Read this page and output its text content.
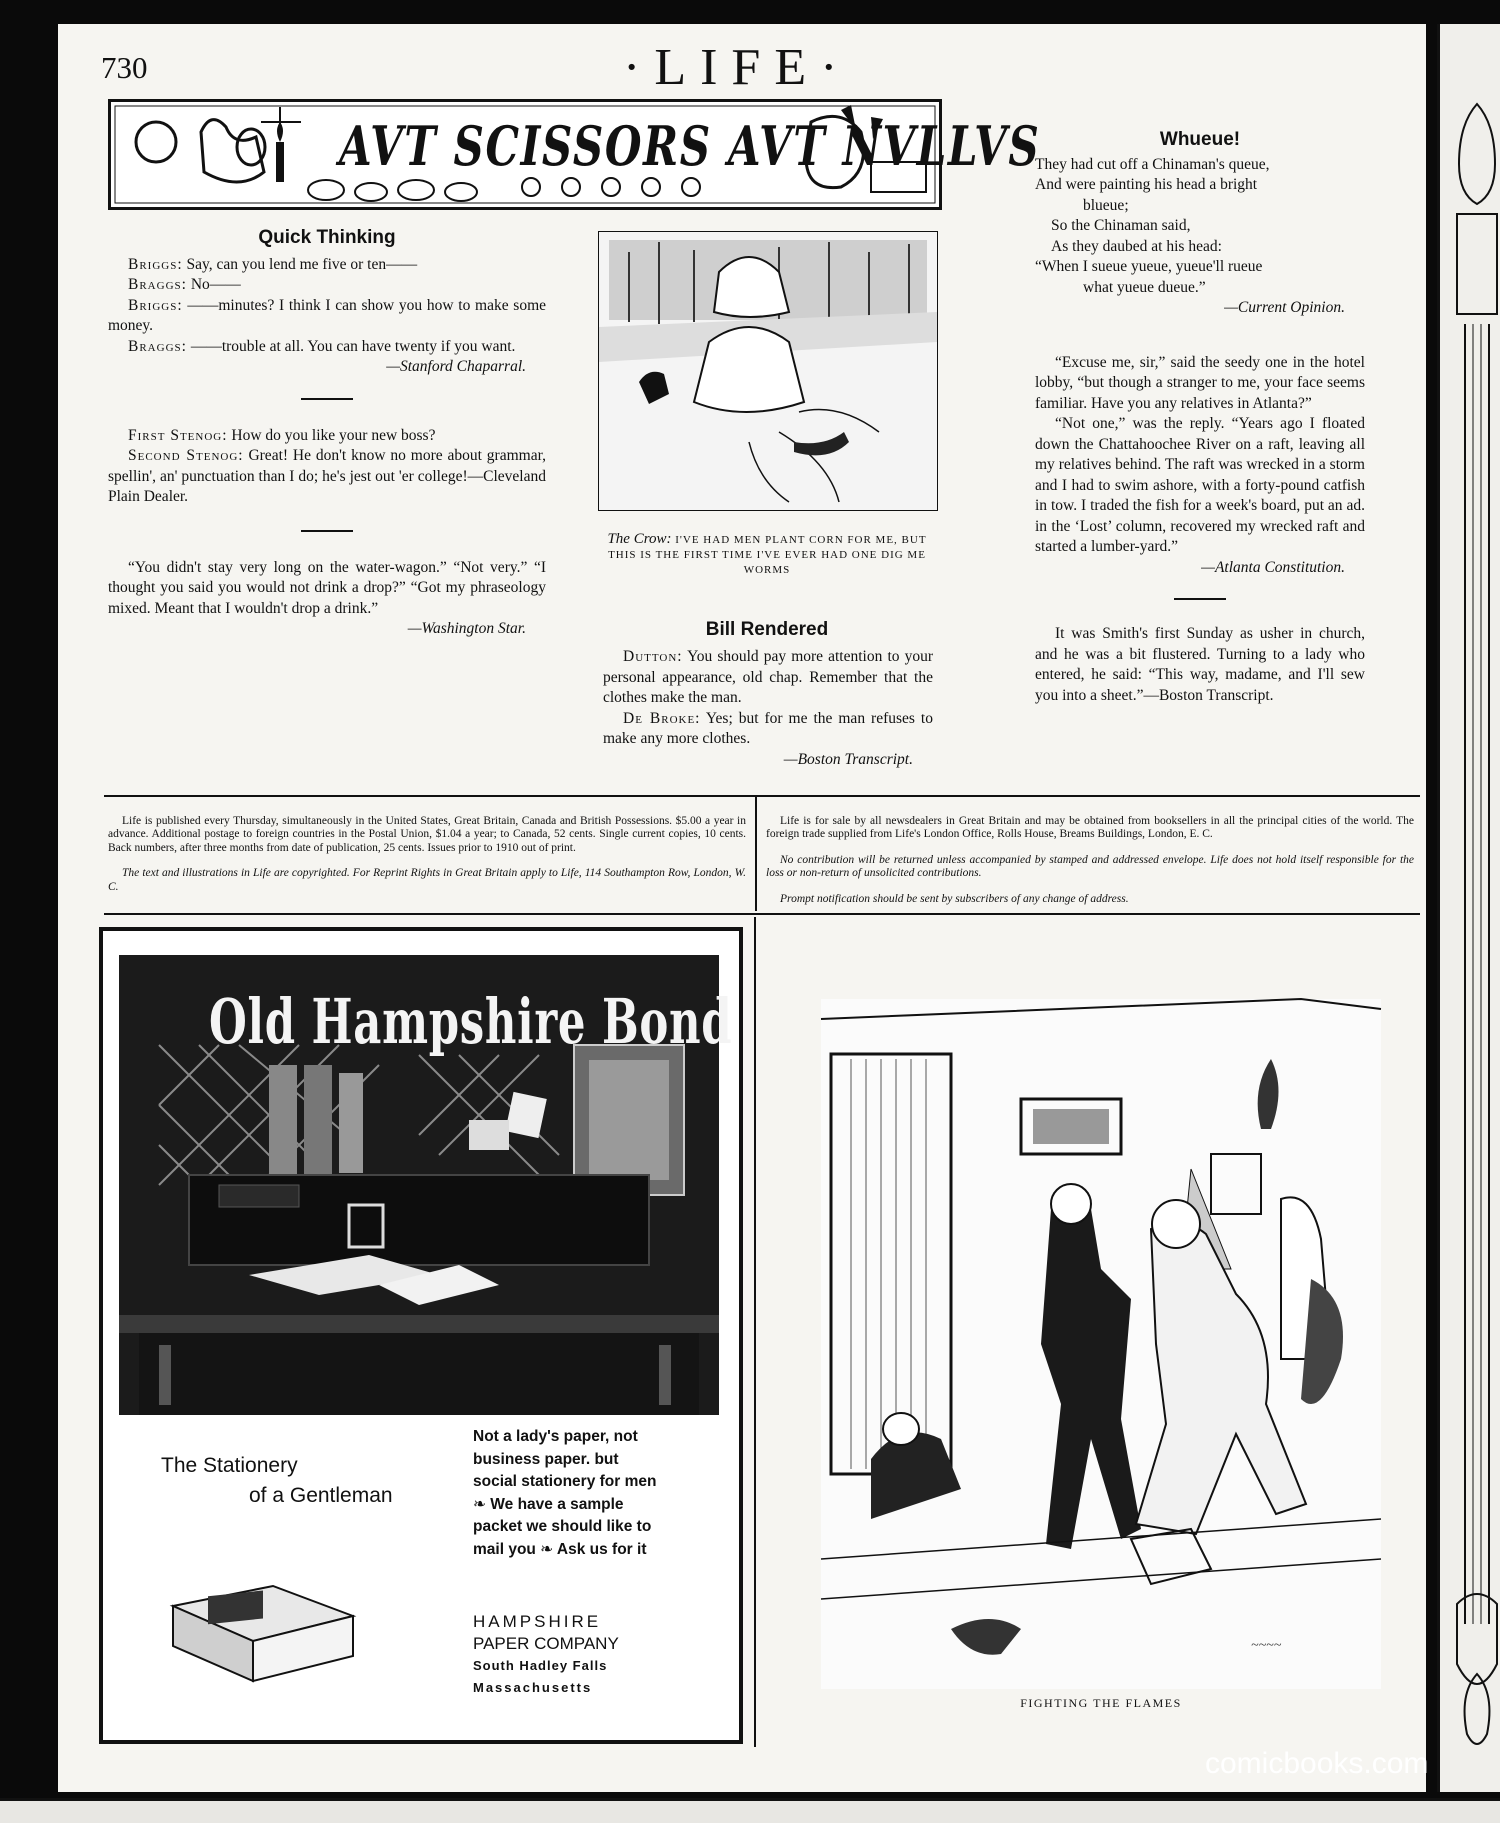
730	·LIFE·
AVT SCISSORS AVT NVLLVS
Quick Thinking

Briggs: Say, can you lend me five or ten——

Braggs: No——

Briggs: ——minutes? I think I can show you how to make some money.

Braggs: ——trouble at all. You can have twenty if you want.

—Stanford Chaparral.

First Stenog: How do you like your new boss?

Second Stenog: Great! He don't know no more about grammar, spellin', an' punctuation than I do; he's jest out 'er college!—Cleveland Plain Dealer.

“You didn't stay very long on the water-wagon.” “Not very.” “I thought you said you would not drink a drop?” “Got my phraseology mixed. Meant that I wouldn't drop a drink.”

—Washington Star.

The Crow: I'VE HAD MEN PLANT CORN FOR ME, BUT THIS IS THE FIRST TIME I'VE EVER HAD ONE DIG ME WORMS
Bill Rendered

Dutton: You should pay more attention to your personal appearance, old chap. Remember that the clothes make the man.

De Broke: Yes; but for me the man refuses to make any more clothes.

—Boston Transcript.

Whueue!

They had cut off a Chinaman's queue,

And were painting his head a bright

blueue;

So the Chinaman said,

As they daubed at his head:

“When I sueue yueue, yueue'll rueue

what yueue dueue.”

—Current Opinion.

“Excuse me, sir,” said the seedy one in the hotel lobby, “but though a stranger to me, your face seems familiar. Have you any relatives in Atlanta?”

“Not one,” was the reply. “Years ago I floated down the Chattahoochee River on a raft, leaving all my relatives behind. The raft was wrecked in a storm and I had to swim ashore, with a forty-pound catfish in tow. I traded the fish for a week's board, put an ad. in the ‘Lost’ column, recovered my wrecked raft and started a lumber-yard.”

—Atlanta Constitution.

It was Smith's first Sunday as usher in church, and he was a bit flustered. Turning to a lady who entered, he said: “This way, madame, and I'll sew you into a sheet.”—Boston Transcript.

Life is published every Thursday, simultaneously in the United States, Great Britain, Canada and British Possessions. $5.00 a year in advance. Additional postage to foreign countries in the Postal Union, $1.04 a year; to Canada, 52 cents. Single current copies, 10 cents. Back numbers, after three months from date of publication, 25 cents. Issues prior to 1910 out of print.

The text and illustrations in Life are copyrighted. For Reprint Rights in Great Britain apply to Life, 114 Southampton Row, London, W. C.

Life is for sale by all newsdealers in Great Britain and may be obtained from booksellers in all the principal cities of the world. The foreign trade supplied from Life's London Office, Rolls House, Breams Buildings, London, E. C.

No contribution will be returned unless accompanied by stamped and addressed envelope. Life does not hold itself responsible for the loss or non-return of unsolicited contributions.

Prompt notification should be sent by subscribers of any change of address.

Old Hampshire Bond
The Stationery
of a Gentleman
Not a lady's paper, not business paper. but social stationery for men ❧ We have a sample packet we should like to mail you ❧ Ask us for it
HAMPSHIRE
PAPER COMPANY
South Hadley Falls
Massachusetts
~~~~
FIGHTING THE FLAMES
comicbooks.com
